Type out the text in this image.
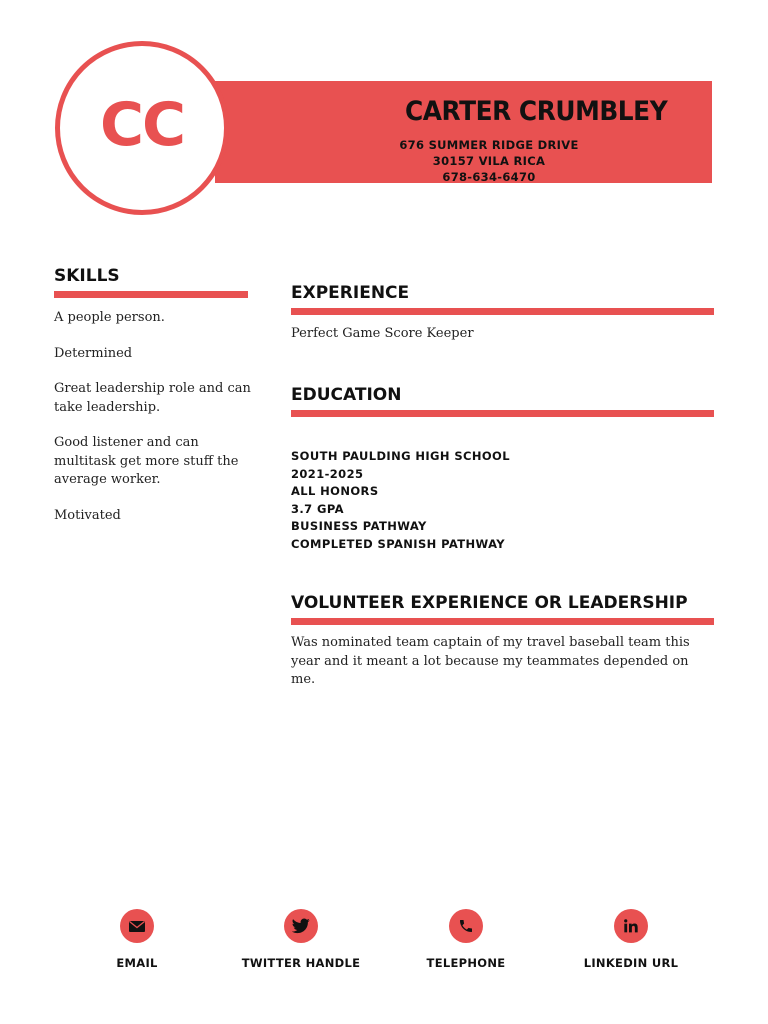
CC	CARTER CRUMBLEY
676 SUMMER RIDGE DRIVE
30157 VILA RICA
678-634-6470
SKILLS

A people person.

Determined

Great leadership role and can take leadership.

Good listener and can multitask get more stuff the average worker.

Motivated

EXPERIENCE
Perfect Game Score Keeper
EDUCATION
SOUTH PAULDING HIGH SCHOOL
2021-2025
ALL HONORS
3.7 GPA
BUSINESS PATHWAY
COMPLETED SPANISH PATHWAY
VOLUNTEER EXPERIENCE OR LEADERSHIP
Was nominated team captain of my travel baseball team this year and it meant a lot because my teammates depended on me.
EMAIL	TWITTER HANDLE	TELEPHONE	LINKEDIN URL
